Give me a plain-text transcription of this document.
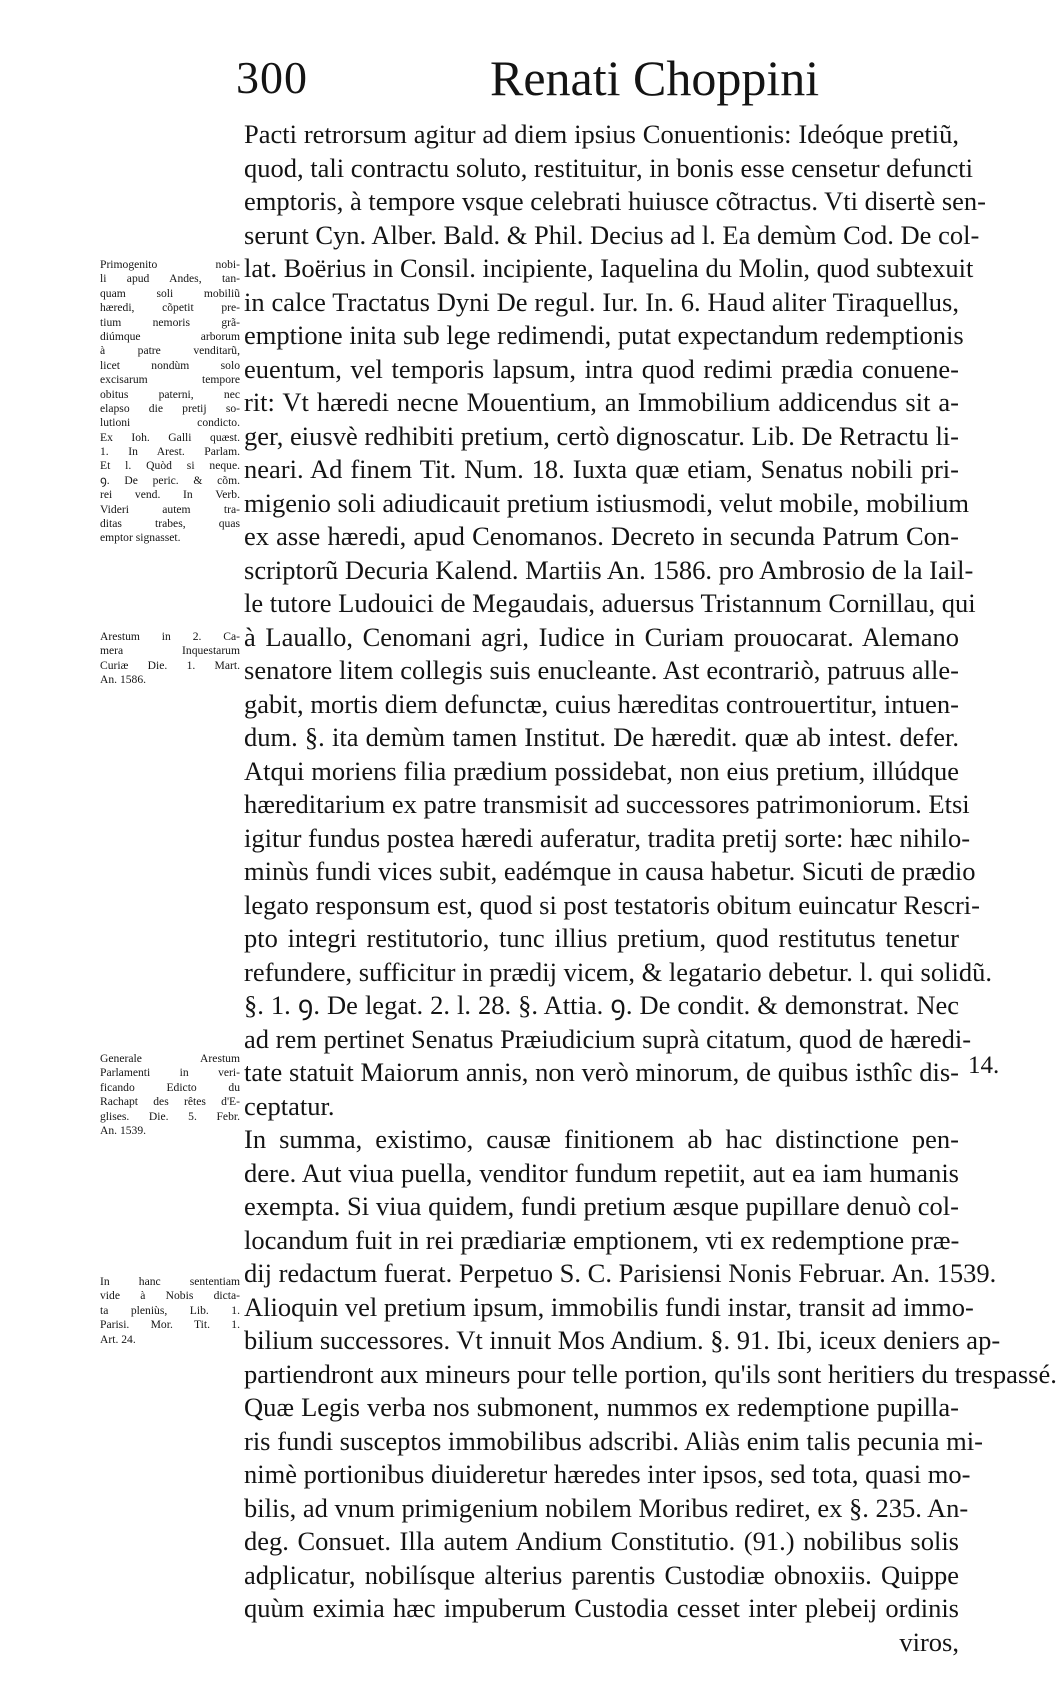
300	Renati Choppini
Primogenito nobi-
li apud Andes, tan-
quam soli mobiliũ
hæredi, cõpetit pre-
tium nemoris grã-
diúmque arborum
à patre venditarũ,
licet nondùm solo
excisarum tempore
obitus paterni, nec
elapso die pretij so-
lutioni condicto.
Ex Ioh. Galli quæst.
1. In Arest. Parlam.
Et l. Quòd si neque.
ꝯ. De peric. & cõm.
rei vend. In Verb.
Videri autem tra-
ditas trabes, quas
emptor signasset.
Arestum in 2. Ca-
mera Inquestarum
Curiæ Die. 1. Mart.
An. 1586.
Generale Arestum
Parlamenti in veri-
ficando Edicto du
Rachapt des rêtes d'E-
glises. Die. 5. Febr.
An. 1539.
In hanc sententiam
vide à Nobis dicta-
ta pleniùs, Lib. 1.
Parisi. Mor. Tit. 1.
Art. 24.
14.
Pacti retrorsum agitur ad diem ipsius Conuentionis: Ideóque pretiũ,
quod, tali contractu soluto, restituitur, in bonis esse censetur defuncti
emptoris, à tempore vsque celebrati huiusce cõtractus. Vti disertè sen-
serunt Cyn. Alber. Bald. & Phil. Decius ad l. Ea demùm Cod. De col-
lat. Boërius in Consil. incipiente, Iaquelina du Molin, quod subtexuit
in calce Tractatus Dyni De regul. Iur. In. 6. Haud aliter Tiraquellus,
emptione inita sub lege redimendi, putat expectandum redemptionis
euentum, vel temporis lapsum, intra quod redimi prædia conuene-
rit: Vt hæredi necne Mouentium, an Immobilium addicendus sit a-
ger, eiusvè redhibiti pretium, certò dignoscatur. Lib. De Retractu li-
neari. Ad finem Tit. Num. 18. Iuxta quæ etiam, Senatus nobili pri-
migenio soli adiudicauit pretium istiusmodi, velut mobile, mobilium
ex asse hæredi, apud Cenomanos. Decreto in secunda Patrum Con-
scriptorũ Decuria Kalend. Martiis An. 1586. pro Ambrosio de la Iail-
le tutore Ludouici de Megaudais, aduersus Tristannum Cornillau, qui
à Lauallo, Cenomani agri, Iudice in Curiam prouocarat. Alemano
senatore litem collegis suis enucleante. Ast econtrariò, patruus alle-
gabit, mortis diem defunctæ, cuius hæreditas controuertitur, intuen-
dum. §. ita demùm tamen Institut. De hæredit. quæ ab intest. defer.
Atqui moriens filia prædium possidebat, non eius pretium, illúdque
hæreditarium ex patre transmisit ad successores patrimoniorum. Etsi
igitur fundus postea hæredi auferatur, tradita pretij sorte: hæc nihilo-
minùs fundi vices subit, eadémque in causa habetur. Sicuti de prædio
legato responsum est, quod si post testatoris obitum euincatur Rescri-
pto integri restitutorio, tunc illius pretium, quod restitutus tenetur
refundere, sufficitur in prædij vicem, & legatario debetur. l. qui solidũ.
§. 1. ꝯ. De legat. 2. l. 28. §. Attia. ꝯ. De condit. & demonstrat. Nec
ad rem pertinet Senatus Præiudicium suprà citatum, quod de hæredi-
tate statuit Maiorum annis, non verò minorum, de quibus isthîc dis-
ceptatur.
In summa, existimo, causæ finitionem ab hac distinctione pen-
dere. Aut viua puella, venditor fundum repetiit, aut ea iam humanis
exempta. Si viua quidem, fundi pretium æsque pupillare denuò col-
locandum fuit in rei prædiariæ emptionem, vti ex redemptione præ-
dij redactum fuerat. Perpetuo S. C. Parisiensi Nonis Februar. An. 1539.
Alioquin vel pretium ipsum, immobilis fundi instar, transit ad immo-
bilium successores. Vt innuit Mos Andium. §. 91. Ibi, iceux deniers ap-
partiendront aux mineurs pour telle portion, qu'ils sont heritiers du trespassé.
Quæ Legis verba nos submonent, nummos ex redemptione pupilla-
ris fundi susceptos immobilibus adscribi. Aliàs enim talis pecunia mi-
nimè portionibus diuideretur hæredes inter ipsos, sed tota, quasi mo-
bilis, ad vnum primigenium nobilem Moribus rediret, ex §. 235. An-
deg. Consuet. Illa autem Andium Constitutio. (91.) nobilibus solis
adplicatur, nobilísque alterius parentis Custodiæ obnoxiis. Quippe
quùm eximia hæc impuberum Custodia cesset inter plebeij ordinis
viros,
